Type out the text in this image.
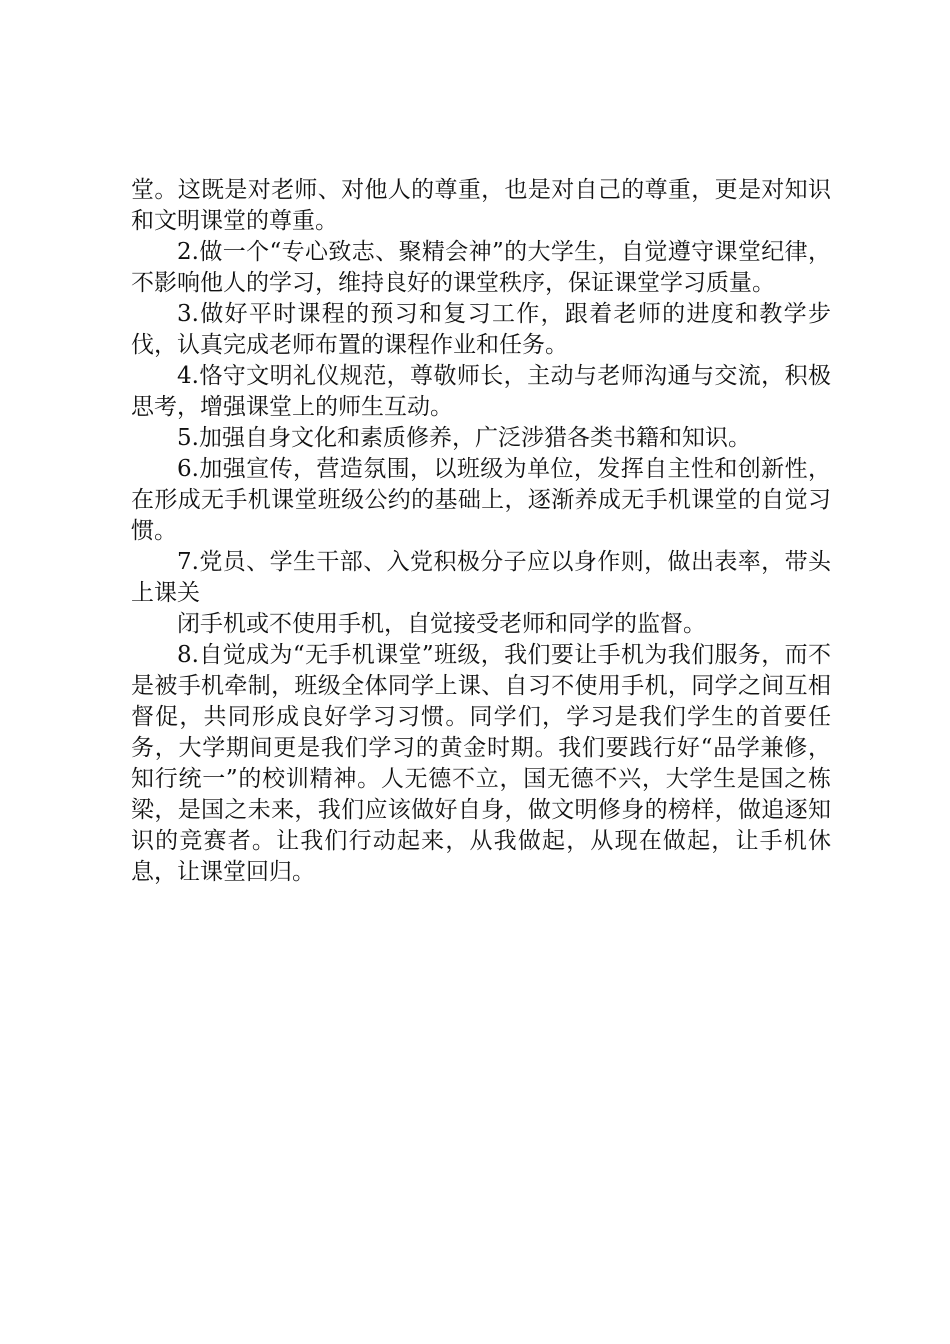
堂。这既是对老师、对他人的尊重，也是对自己的尊重，更是对知识和文明课堂的尊重。

2.做一个“专心致志、聚精会神”的大学生，自觉遵守课堂纪律，不影响他人的学习，维持良好的课堂秩序，保证课堂学习质量。

3.做好平时课程的预习和复习工作，跟着老师的进度和教学步伐，认真完成老师布置的课程作业和任务。

4.恪守文明礼仪规范，尊敬师长，主动与老师沟通与交流，积极思考，增强课堂上的师生互动。

5.加强自身文化和素质修养，广泛涉猎各类书籍和知识。

6.加强宣传，营造氛围，以班级为单位，发挥自主性和创新性，在形成无手机课堂班级公约的基础上，逐渐养成无手机课堂的自觉习惯。

7.党员、学生干部、入党积极分子应以身作则，做出表率，带头上课关

闭手机或不使用手机，自觉接受老师和同学的监督。

8.自觉成为“无手机课堂”班级，我们要让手机为我们服务，而不是被手机牵制，班级全体同学上课、自习不使用手机，同学之间互相督促，共同形成良好学习习惯。同学们，学习是我们学生的首要任务，大学期间更是我们学习的黄金时期。我们要践行好“品学兼修，知行统一”的校训精神。人无德不立，国无德不兴，大学生是国之栋梁，是国之未来，我们应该做好自身，做文明修身的榜样，做追逐知识的竞赛者。让我们行动起来，从我做起，从现在做起，让手机休息，让课堂回归。
